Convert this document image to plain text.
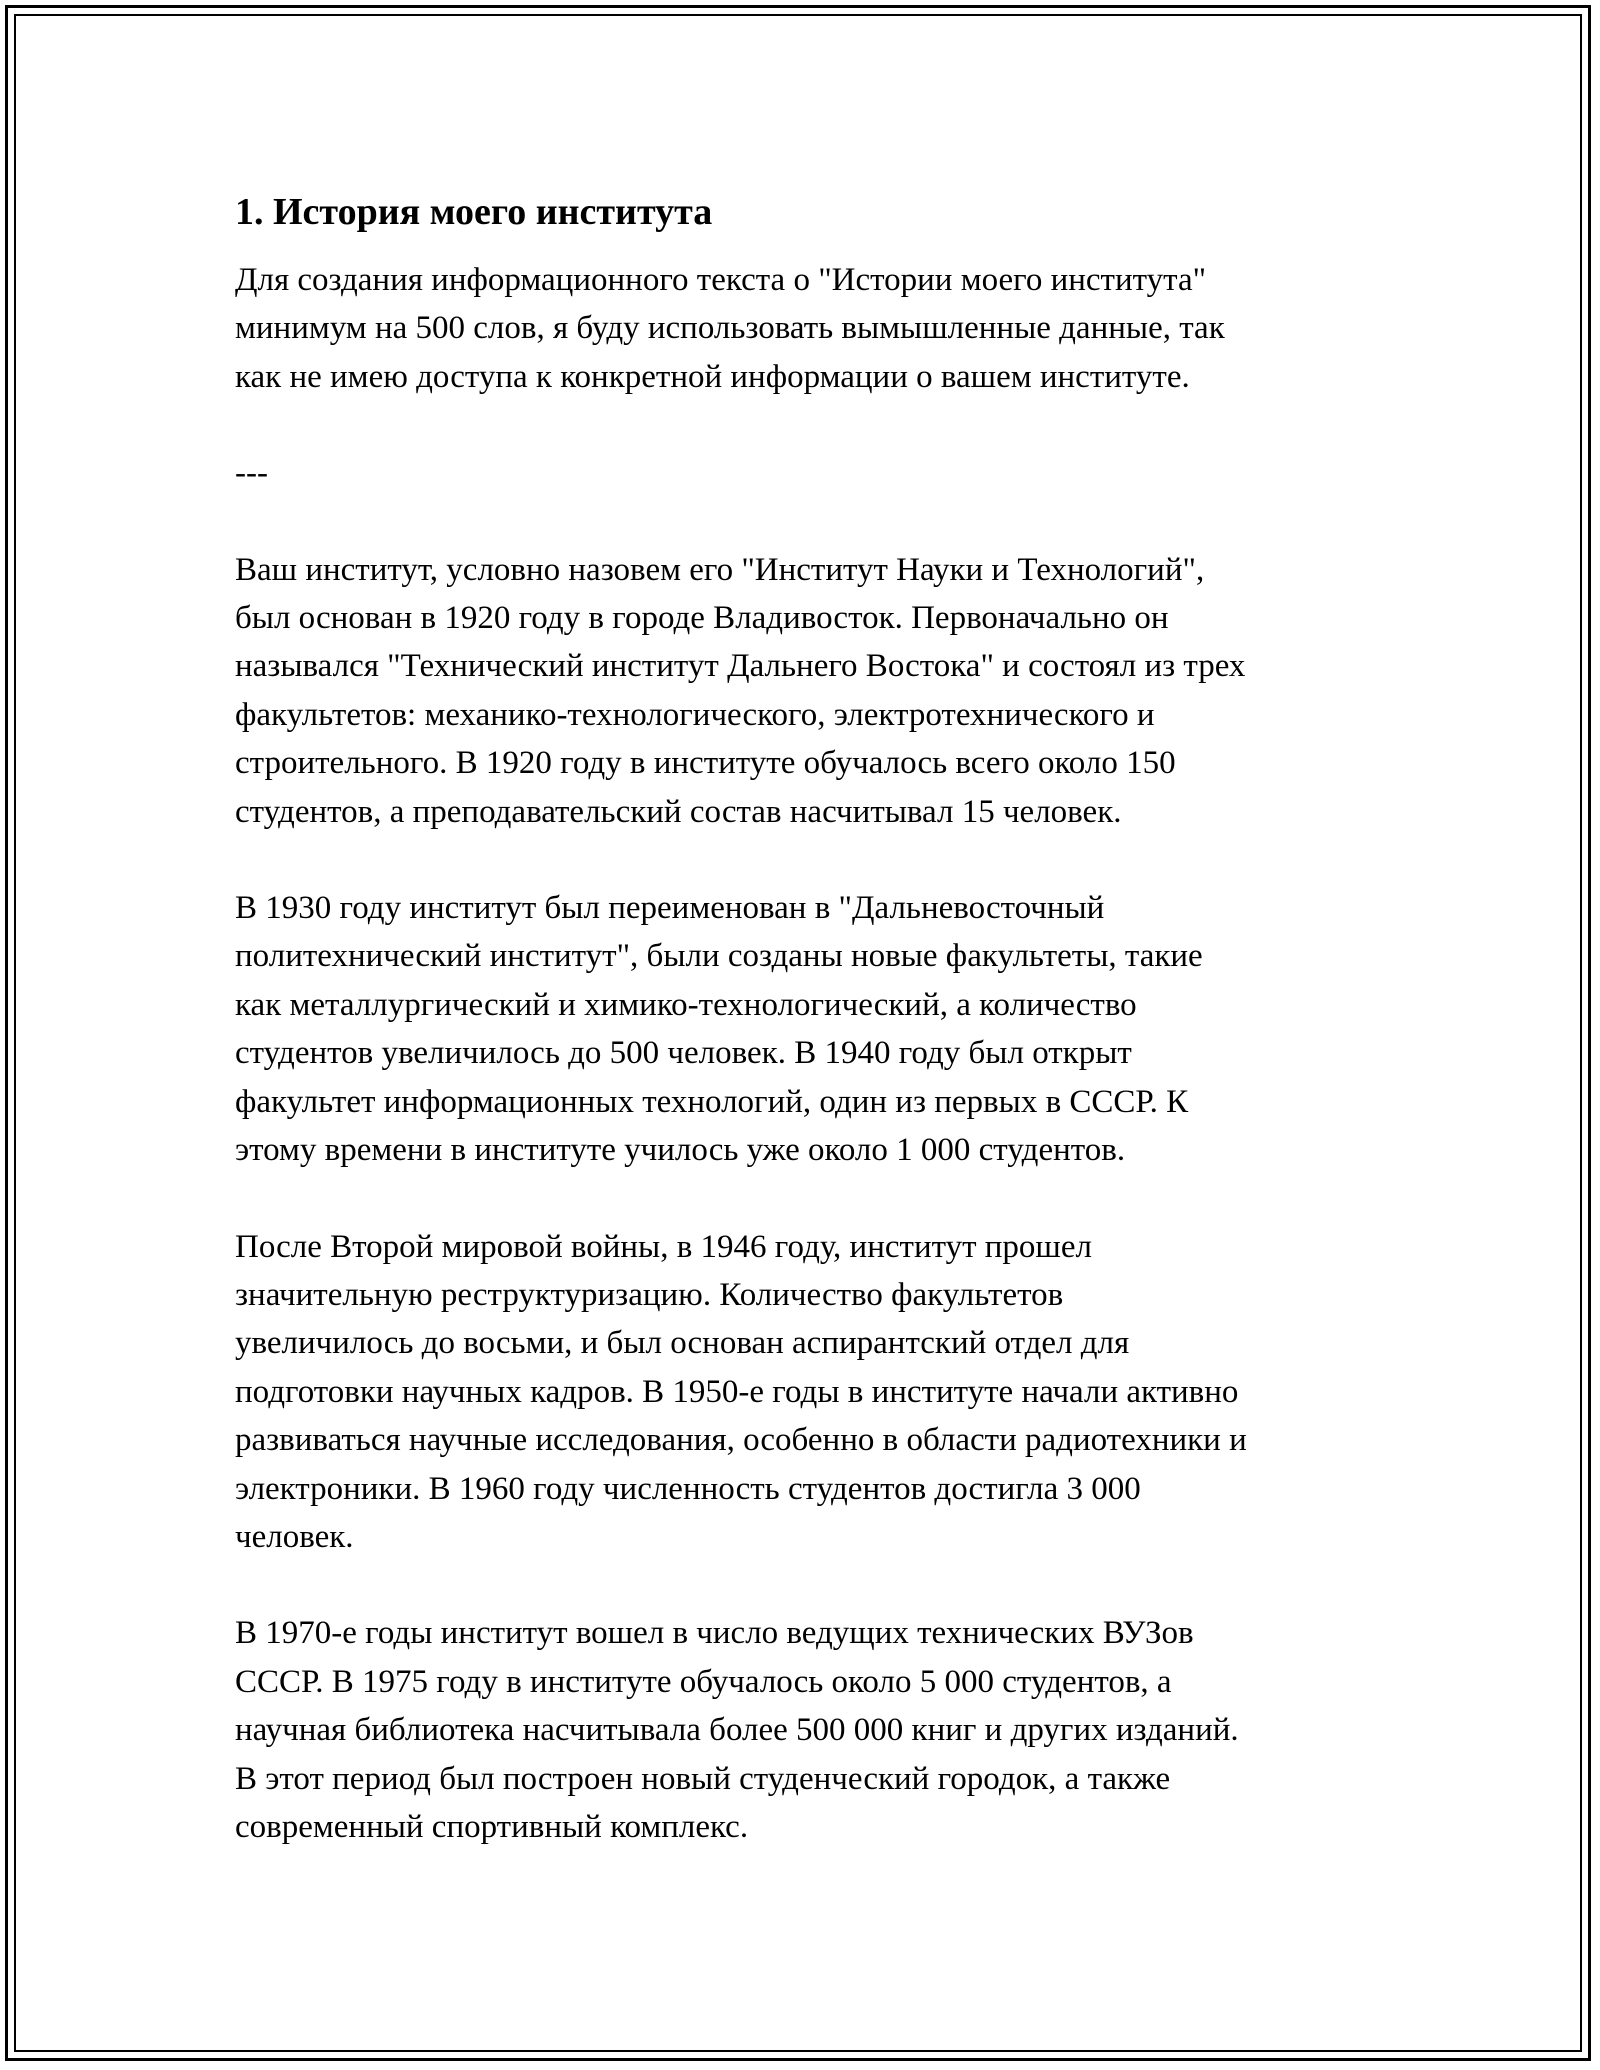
1. История моего института
Для создания информационного текста о "Истории моего института"
минимум на 500 слов, я буду использовать вымышленные данные, так
как не имею доступа к конкретной информации о вашем институте.
---
Ваш институт, условно назовем его "Институт Науки и Технологий",
был основан в 1920 году в городе Владивосток. Первоначально он
назывался "Технический институт Дальнего Востока" и состоял из трех
факультетов: механико-технологического, электротехнического и
строительного. В 1920 году в институте обучалось всего около 150
студентов, а преподавательский состав насчитывал 15 человек.
В 1930 году институт был переименован в "Дальневосточный
политехнический институт", были созданы новые факультеты, такие
как металлургический и химико-технологический, а количество
студентов увеличилось до 500 человек. В 1940 году был открыт
факультет информационных технологий, один из первых в СССР. К
этому времени в институте училось уже около 1 000 студентов.
После Второй мировой войны, в 1946 году, институт прошел
значительную реструктуризацию. Количество факультетов
увеличилось до восьми, и был основан аспирантский отдел для
подготовки научных кадров. В 1950-е годы в институте начали активно
развиваться научные исследования, особенно в области радиотехники и
электроники. В 1960 году численность студентов достигла 3 000
человек.
В 1970-е годы институт вошел в число ведущих технических ВУЗов
СССР. В 1975 году в институте обучалось около 5 000 студентов, а
научная библиотека насчитывала более 500 000 книг и других изданий.
В этот период был построен новый студенческий городок, а также
современный спортивный комплекс.
